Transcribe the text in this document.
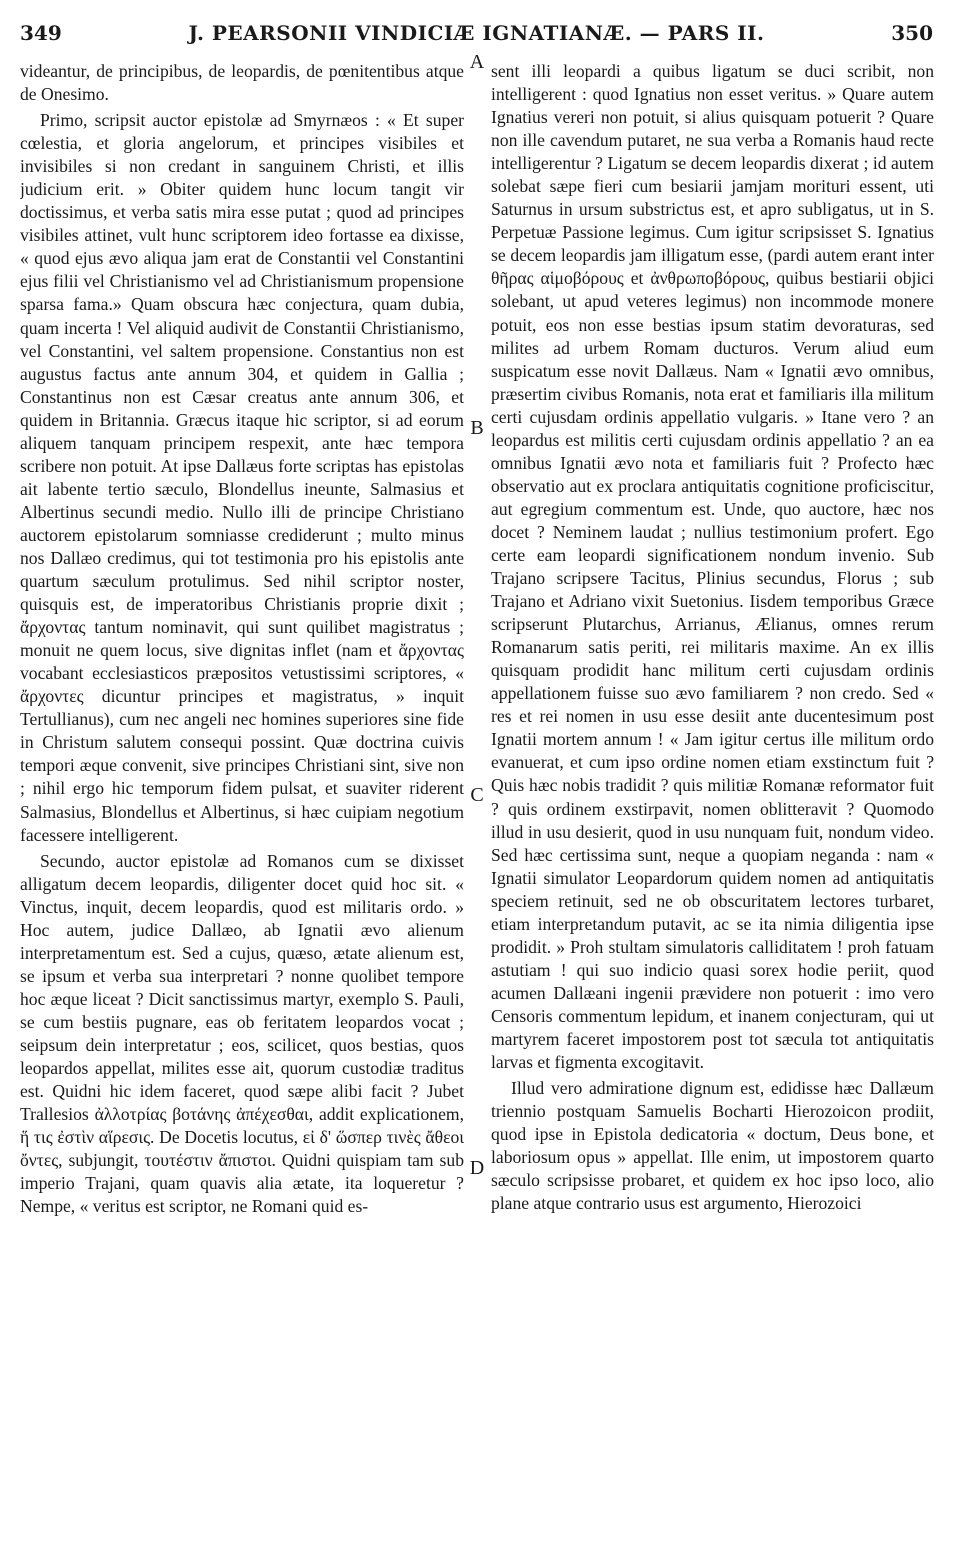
349	J. PEARSONII VINDICIÆ IGNATIANÆ. — PARS II.	350

videantur, de principibus, de leopardis, de pœnitentibus atque de Onesimo.

Primo, scripsit auctor epistolæ ad Smyrnæos : « Et super cœlestia, et gloria angelorum, et principes visibiles et invisibiles si non credant in sanguinem Christi, et illis judicium erit. » Obiter quidem hunc locum tangit vir doctissimus, et verba satis mira esse putat ; quod ad principes visibiles attinet, vult hunc scriptorem ideo fortasse ea dixisse, « quod ejus ævo aliqua jam erat de Constantii vel Constantini ejus filii vel Christianismo vel ad Christianismum propensione sparsa fama.» Quam obscura hæc conjectura, quam dubia, quam incerta ! Vel aliquid audivit de Constantii Christianismo, vel Constantini, vel saltem propensione. Constantius non est augustus factus ante annum 304, et quidem in Gallia ; Constantinus non est Cæsar creatus ante annum 306, et quidem in Britannia. Græcus itaque hic scriptor, si ad eorum aliquem tanquam principem respexit, ante hæc tempora scribere non potuit. At ipse Dallæus forte scriptas has epistolas ait labente tertio sæculo, Blondellus ineunte, Salmasius et Albertinus secundi medio. Nullo illi de principe Christiano auctorem epistolarum somniasse crediderunt ; multo minus nos Dallæo credimus, qui tot testimonia pro his epistolis ante quartum sæculum protulimus. Sed nihil scriptor noster, quisquis est, de imperatoribus Christianis proprie dixit ; ἄρχοντας tantum nominavit, qui sunt quilibet magistratus ; monuit ne quem locus, sive dignitas inflet (nam et ἄρχοντας vocabant ecclesiasticos præpositos vetustissimi scriptores, « ἄρχοντες dicuntur principes et magistratus, » inquit Tertullianus), cum nec angeli nec homines superiores sine fide in Christum salutem consequi possint. Quæ doctrina cuivis tempori æque convenit, sive principes Christiani sint, sive non ; nihil ergo hic temporum fidem pulsat, et suaviter riderent Salmasius, Blondellus et Albertinus, si hæc cuipiam negotium facessere intelligerent.

Secundo, auctor epistolæ ad Romanos cum se dixisset alligatum decem leopardis, diligenter docet quid hoc sit. « Vinctus, inquit, decem leopardis, quod est militaris ordo. » Hoc autem, judice Dallæo, ab Ignatii ævo alienum interpretamentum est. Sed a cujus, quæso, ætate alienum est, se ipsum et verba sua interpretari ? nonne quolibet tempore hoc æque liceat ? Dicit sanctissimus martyr, exemplo S. Pauli, se cum bestiis pugnare, eas ob feritatem leopardos vocat ; seipsum dein interpretatur ; eos, scilicet, quos bestias, quos leopardos appellat, milites esse ait, quorum custodiæ traditus est. Quidni hic idem faceret, quod sæpe alibi facit ? Jubet Trallesios ἀλλοτρίας βοτάνης ἀπέχεσθαι, addit explicationem, ἥ τις ἐστὶν αἵρεσις. De Docetis locutus, εἰ δ' ὥσπερ τινὲς ἄθεοι ὄντες, subjungit, τουτέστιν ἄπιστοι. Quidni quispiam tam sub imperio Trajani, quam quavis alia ætate, ita loqueretur ? Nempe, « veritus est scriptor, ne Romani quid es-

A
B
C
D

sent illi leopardi a quibus ligatum se duci scribit, non intelligerent : quod Ignatius non esset veritus. » Quare autem Ignatius vereri non potuit, si alius quisquam potuerit ? Quare non ille cavendum putaret, ne sua verba a Romanis haud recte intelligerentur ? Ligatum se decem leopardis dixerat ; id autem solebat sæpe fieri cum besiarii jamjam morituri essent, uti Saturnus in ursum substrictus est, et apro subligatus, ut in S. Perpetuæ Passione legimus. Cum igitur scripsisset S. Ignatius se decem leopardis jam illigatum esse, (pardi autem erant inter θῆρας αἱμοβόρους et ἀνθρωποβόρους, quibus bestiarii objici solebant, ut apud veteres legimus) non incommode monere potuit, eos non esse bestias ipsum statim devoraturas, sed milites ad urbem Romam ducturos. Verum aliud eum suspicatum esse novit Dallæus. Nam « Ignatii ævo omnibus, præsertim civibus Romanis, nota erat et familiaris illa militum certi cujusdam ordinis appellatio vulgaris. » Itane vero ? an leopardus est militis certi cujusdam ordinis appellatio ? an ea omnibus Ignatii ævo nota et familiaris fuit ? Profecto hæc observatio aut ex proclara antiquitatis cognitione proficiscitur, aut egregium commentum est. Unde, quo auctore, hæc nos docet ? Neminem laudat ; nullius testimonium profert. Ego certe eam leopardi significationem nondum invenio. Sub Trajano scripsere Tacitus, Plinius secundus, Florus ; sub Trajano et Adriano vixit Suetonius. Iisdem temporibus Græce scripserunt Plutarchus, Arrianus, Ælianus, omnes rerum Romanarum satis periti, rei militaris maxime. An ex illis quisquam prodidit hanc militum certi cujusdam ordinis appellationem fuisse suo ævo familiarem ? non credo. Sed « res et rei nomen in usu esse desiit ante ducentesimum post Ignatii mortem annum ! « Jam igitur certus ille militum ordo evanuerat, et cum ipso ordine nomen etiam exstinctum fuit ? Quis hæc nobis tradidit ? quis militiæ Romanæ reformator fuit ? quis ordinem exstirpavit, nomen oblitteravit ? Quomodo illud in usu desierit, quod in usu nunquam fuit, nondum video. Sed hæc certissima sunt, neque a quopiam neganda : nam « Ignatii simulator Leopardorum quidem nomen ad antiquitatis speciem retinuit, sed ne ob obscuritatem lectores turbaret, etiam interpretandum putavit, ac se ita nimia diligentia ipse prodidit. » Proh stultam simulatoris calliditatem ! proh fatuam astutiam ! qui suo indicio quasi sorex hodie periit, quod acumen Dallæani ingenii prævidere non potuerit : imo vero Censoris commentum lepidum, et inanem conjecturam, qui ut martyrem faceret impostorem post tot sæcula tot antiquitatis larvas et figmenta excogitavit.

Illud vero admiratione dignum est, edidisse hæc Dallæum triennio postquam Samuelis Bocharti Hierozoicon prodiit, quod ipse in Epistola dedicatoria « doctum, Deus bone, et laboriosum opus » appellat. Ille enim, ut impostorem quarto sæculo scripsisse probaret, et quidem ex hoc ipso loco, alio plane atque contrario usus est argumento, Hierozoici
